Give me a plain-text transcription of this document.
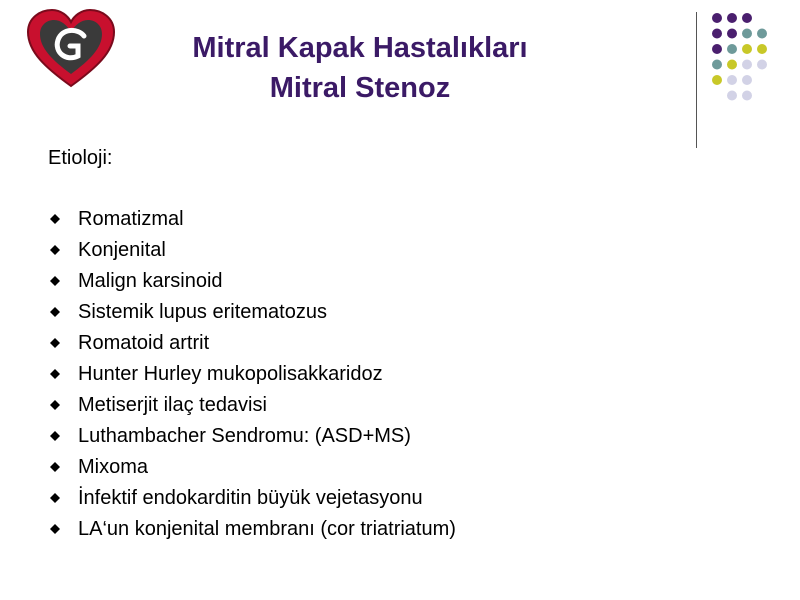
Mitral Kapak Hastalıkları
Mitral Stenoz
Etioloji:
Romatizmal
Konjenital
Malign karsinoid
Sistemik lupus eritematozus
Romatoid artrit
Hunter Hurley mukopolisakkaridoz
Metiserjit ilaç tedavisi
Luthambacher Sendromu: (ASD+MS)
Mixoma
İnfektif endokarditin büyük vejetasyonu
LA‘un konjenital membranı (cor triatriatum)
